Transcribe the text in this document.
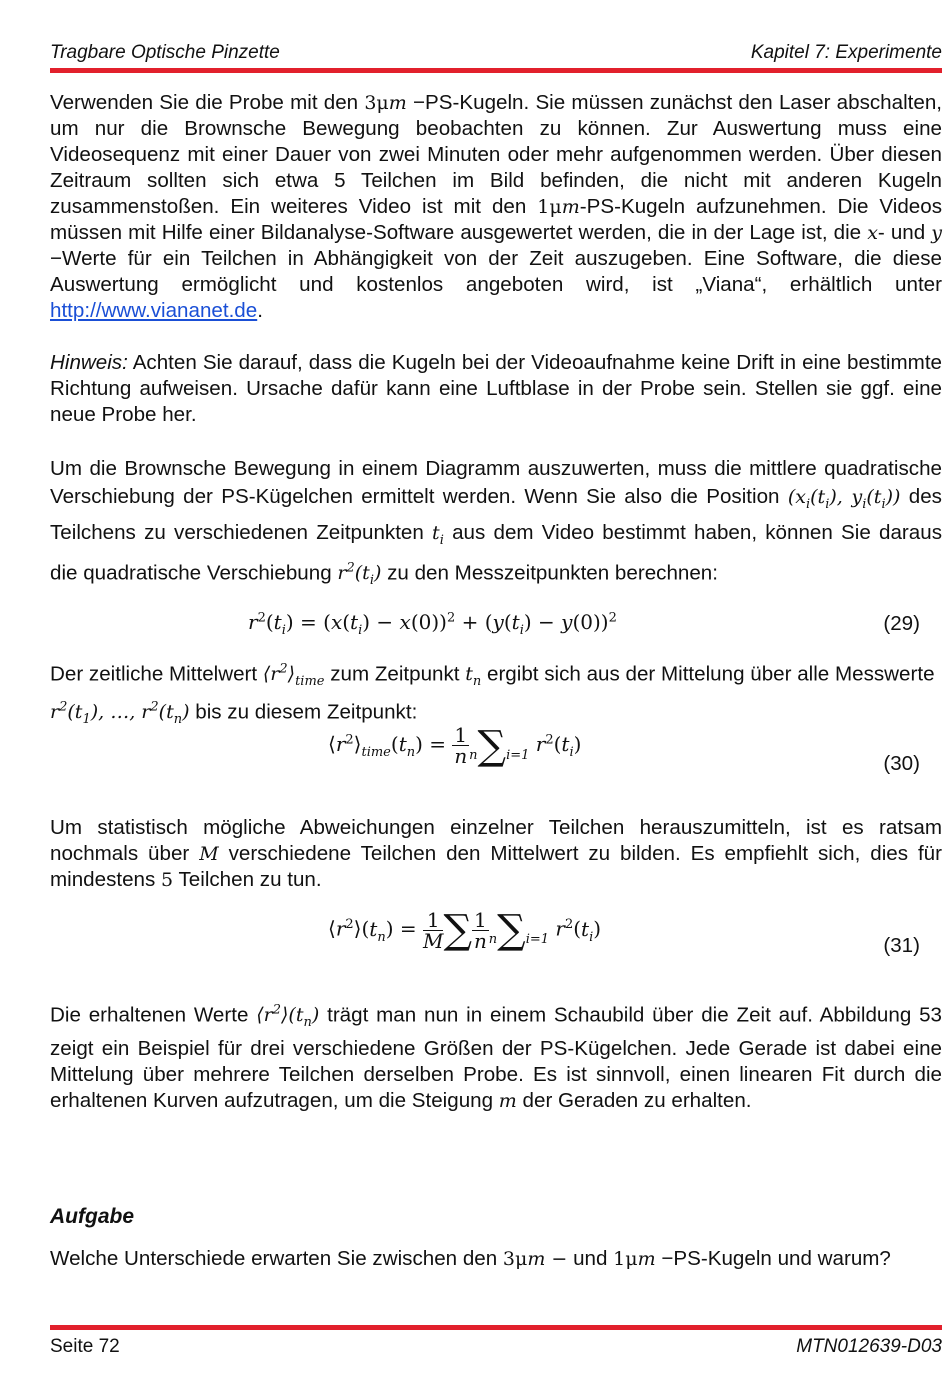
Tragbare Optische Pinzette	Kapitel 7: Experimente
Verwenden Sie die Probe mit den 3μm −PS-Kugeln. Sie müssen zunächst den Laser abschalten, um nur die Brownsche Bewegung beobachten zu können. Zur Auswertung muss eine Videosequenz mit einer Dauer von zwei Minuten oder mehr aufgenommen werden. Über diesen Zeitraum sollten sich etwa 5 Teilchen im Bild befinden, die nicht mit anderen Kugeln zusammenstoßen. Ein weiteres Video ist mit den 1μm-PS-Kugeln aufzunehmen. Die Videos müssen mit Hilfe einer Bildanalyse-Software ausgewertet werden, die in der Lage ist, die x- und y −Werte für ein Teilchen in Abhängigkeit von der Zeit auszugeben. Eine Software, die diese Auswertung ermöglicht und kostenlos angeboten wird, ist „Viana“, erhältlich unter http://www.viananet.de.
Hinweis: Achten Sie darauf, dass die Kugeln bei der Videoaufnahme keine Drift in eine bestimmte Richtung aufweisen. Ursache dafür kann eine Luftblase in der Probe sein. Stellen sie ggf. eine neue Probe her.
Um die Brownsche Bewegung in einem Diagramm auszuwerten, muss die mittlere quadratische Verschiebung der PS-Kügelchen ermittelt werden. Wenn Sie also die Position ($x_i(t_i)$, $y_i(t_i)$) des Teilchens zu verschiedenen Zeitpunkten $t_i$ aus dem Video bestimmt haben, können Sie daraus die quadratische Verschiebung $r^2(t_i)$ zu den Messzeitpunkten berechnen:
$r^2(t_i) = (x(t_i) - x(0))^2 + (y(t_i) - y(0))^2$	(29)
Der zeitliche Mittelwert $⟨r^2⟩_{time}$ zum Zeitpunkt $t_n$ ergibt sich aus der Mittelung über alle Messwerte $r^2(t_1)$, …, $r^2(t_n)$ bis zu diesem Zeitpunkt:
$⟨r^2⟩_{time}(t_n) = \frac{1}{n} n\sum i=1$ $r^2(t_i)$
(30)
Um statistisch mögliche Abweichungen einzelner Teilchen herauszumitteln, ist es ratsam nochmals über M verschiedene Teilchen den Mittelwert zu bilden. Es empfiehlt sich, dies für mindestens 5 Teilchen zu tun.
$⟨r^2⟩(t_n) = \frac{1}{M}$ ∑ $\frac{1}{n} n\sum i=1$ $r^2(t_i)$
(31)
Die erhaltenen Werte $⟨r^2⟩(t_n)$ trägt man nun in einem Schaubild über die Zeit auf. Abbildung 53 zeigt ein Beispiel für drei verschiedene Größen der PS-Kügelchen. Jede Gerade ist dabei eine Mittelung über mehrere Teilchen derselben Probe. Es ist sinnvoll, einen linearen Fit durch die erhaltenen Kurven aufzutragen, um die Steigung m der Geraden zu erhalten.
Aufgabe
Welche Unterschiede erwarten Sie zwischen den 3μm − und 1μm −PS-Kugeln und warum?
Seite 72	MTN012639-D03
